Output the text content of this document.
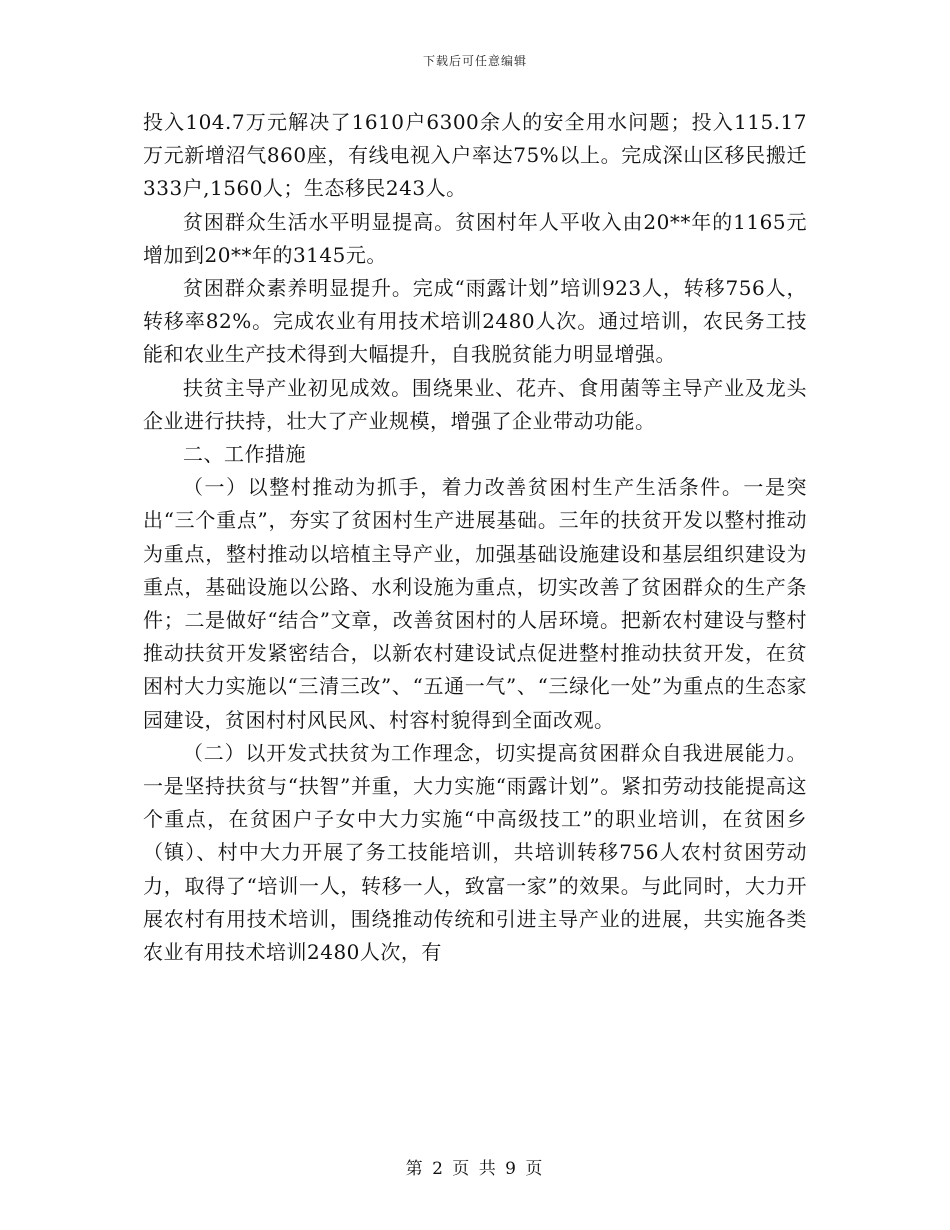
下载后可任意编辑

投入104.7万元解决了1610户6300余人的安全用水问题；投入115.17万元新增沼气860座，有线电视入户率达75%以上。完成深山区移民搬迁333户,1560人；生态移民243人。

贫困群众生活水平明显提高。贫困村年人平收入由20**年的1165元增加到20**年的3145元。

贫困群众素养明显提升。完成“雨露计划”培训923人，转移756人，转移率82%。完成农业有用技术培训2480人次。通过培训，农民务工技能和农业生产技术得到大幅提升，自我脱贫能力明显增强。

扶贫主导产业初见成效。围绕果业、花卉、食用菌等主导产业及龙头企业进行扶持，壮大了产业规模，增强了企业带动功能。

二、工作措施

（一）以整村推动为抓手，着力改善贫困村生产生活条件。一是突出“三个重点”，夯实了贫困村生产进展基础。三年的扶贫开发以整村推动为重点，整村推动以培植主导产业，加强基础设施建设和基层组织建设为重点，基础设施以公路、水利设施为重点，切实改善了贫困群众的生产条件；二是做好“结合”文章，改善贫困村的人居环境。把新农村建设与整村推动扶贫开发紧密结合，以新农村建设试点促进整村推动扶贫开发，在贫困村大力实施以“三清三改”、“五通一气”、“三绿化一处”为重点的生态家园建设，贫困村村风民风、村容村貌得到全面改观。

（二）以开发式扶贫为工作理念，切实提高贫困群众自我进展能力。一是坚持扶贫与“扶智”并重，大力实施“雨露计划”。紧扣劳动技能提高这个重点，在贫困户子女中大力实施“中高级技工”的职业培训，在贫困乡（镇）、村中大力开展了务工技能培训，共培训转移756人农村贫困劳动力，取得了“培训一人，转移一人，致富一家”的效果。与此同时，大力开展农村有用技术培训，围绕推动传统和引进主导产业的进展，共实施各类农业有用技术培训2480人次，有

第 2 页 共 9 页
